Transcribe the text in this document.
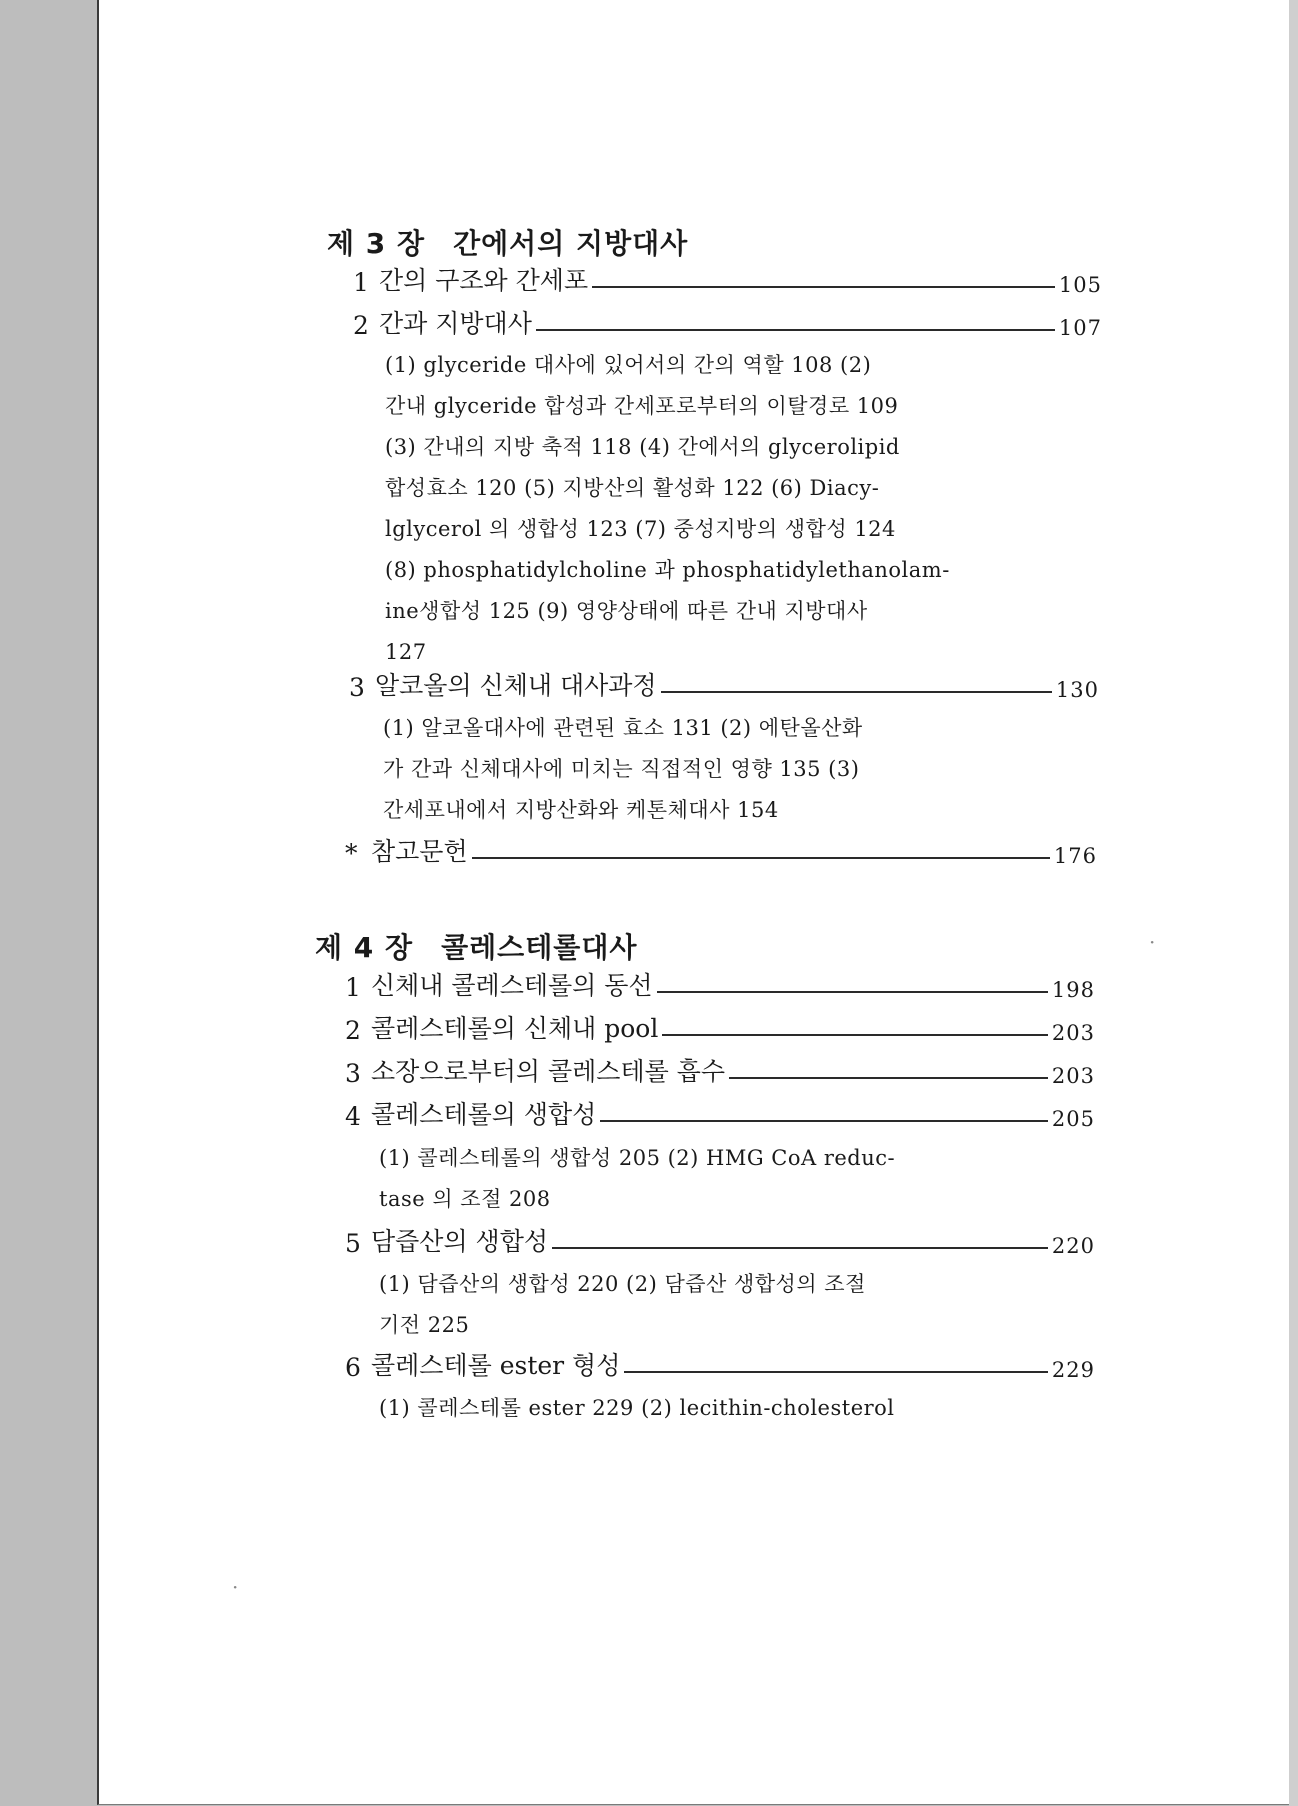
제 3 장 간에서의 지방대사
1 간의 구조와 간세포	105
2 간과 지방대사	107
(1) glyceride 대사에 있어서의 간의 역할 108 (2)
간내 glyceride 합성과 간세포로부터의 이탈경로 109
(3) 간내의 지방 축적 118 (4) 간에서의 glycerolipid
합성효소 120 (5) 지방산의 활성화 122 (6) Diacy-
lglycerol 의 생합성 123 (7) 중성지방의 생합성 124
(8) phosphatidylcholine 과 phosphatidylethanolam-
ine생합성 125 (9) 영양상태에 따른 간내 지방대사
127
3 알코올의 신체내 대사과정	130
(1) 알코올대사에 관련된 효소 131 (2) 에탄올산화
가 간과 신체대사에 미치는 직접적인 영향 135 (3)
간세포내에서 지방산화와 케톤체대사 154
* 참고문헌	176
제 4 장 콜레스테롤대사
1 신체내 콜레스테롤의 동선	198
2 콜레스테롤의 신체내 pool	203
3 소장으로부터의 콜레스테롤 흡수	203
4 콜레스테롤의 생합성	205
(1) 콜레스테롤의 생합성 205 (2) HMG CoA reduc-
tase 의 조절 208
5 담즙산의 생합성	220
(1) 담즙산의 생합성 220 (2) 담즙산 생합성의 조절
기전 225
6 콜레스테롤 ester 형성	229
(1) 콜레스테롤 ester 229 (2) lecithin-cholesterol
·
·
